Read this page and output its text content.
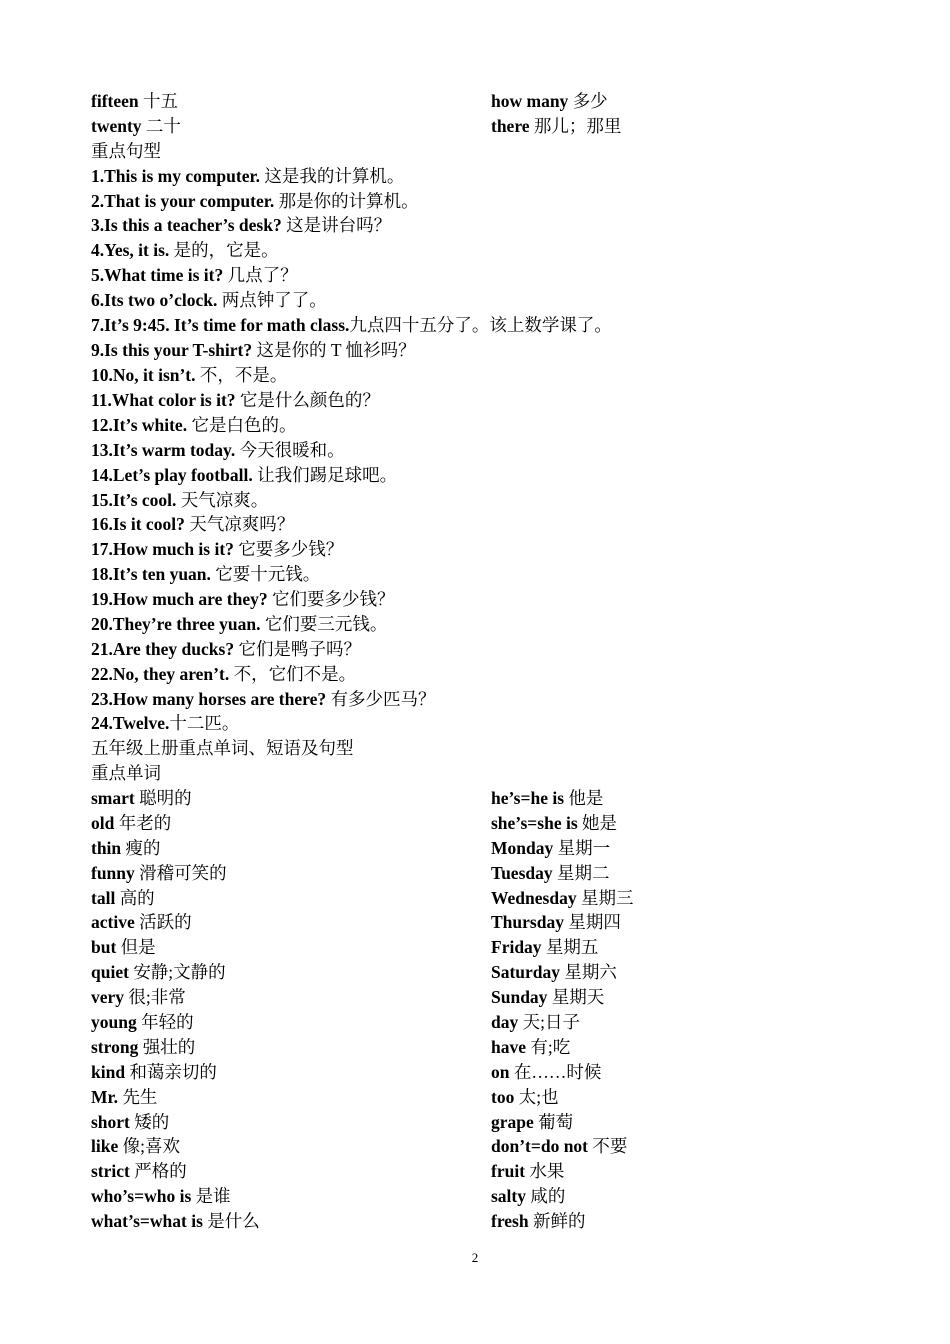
fifteen 十五	how many 多少
twenty 二十	there 那儿；那里
重点句型
1.This is my computer. 这是我的计算机。
2.That is your computer. 那是你的计算机。
3.Is this a teacher’s desk? 这是讲台吗？
4.Yes, it is. 是的，它是。
5.What time is it? 几点了？
6.Its two o’clock. 两点钟了了。
7.It’s 9:45. It’s time for math class.九点四十五分了。该上数学课了。
9.Is this your T-shirt? 这是你的 T 恤衫吗？
10.No, it isn’t. 不，不是。
11.What color is it? 它是什么颜色的？
12.It’s white. 它是白色的。
13.It’s warm today. 今天很暖和。
14.Let’s play football. 让我们踢足球吧。
15.It’s cool. 天气凉爽。
16.Is it cool? 天气凉爽吗？
17.How much is it? 它要多少钱？
18.It’s ten yuan. 它要十元钱。
19.How much are they? 它们要多少钱？
20.They’re three yuan. 它们要三元钱。
21.Are they ducks? 它们是鸭子吗？
22.No, they aren’t. 不，它们不是。
23.How many horses are there? 有多少匹马？
24.Twelve.十二匹。
五年级上册重点单词、短语及句型
重点单词
smart 聪明的	he’s=he is 他是
old 年老的	she’s=she is 她是
thin 瘦的	Monday 星期一
funny 滑稽可笑的	Tuesday 星期二
tall 高的	Wednesday 星期三
active 活跃的	Thursday 星期四
but 但是	Friday 星期五
quiet 安静;文静的	Saturday 星期六
very 很;非常	Sunday 星期天
young 年轻的	day 天;日子
strong 强壮的	have 有;吃
kind 和蔼亲切的	on 在……时候
Mr. 先生	too 太;也
short 矮的	grape 葡萄
like 像;喜欢	don’t=do not 不要
strict 严格的	fruit 水果
who’s=who is 是谁	salty 咸的
what’s=what is 是什么	fresh 新鲜的
2
